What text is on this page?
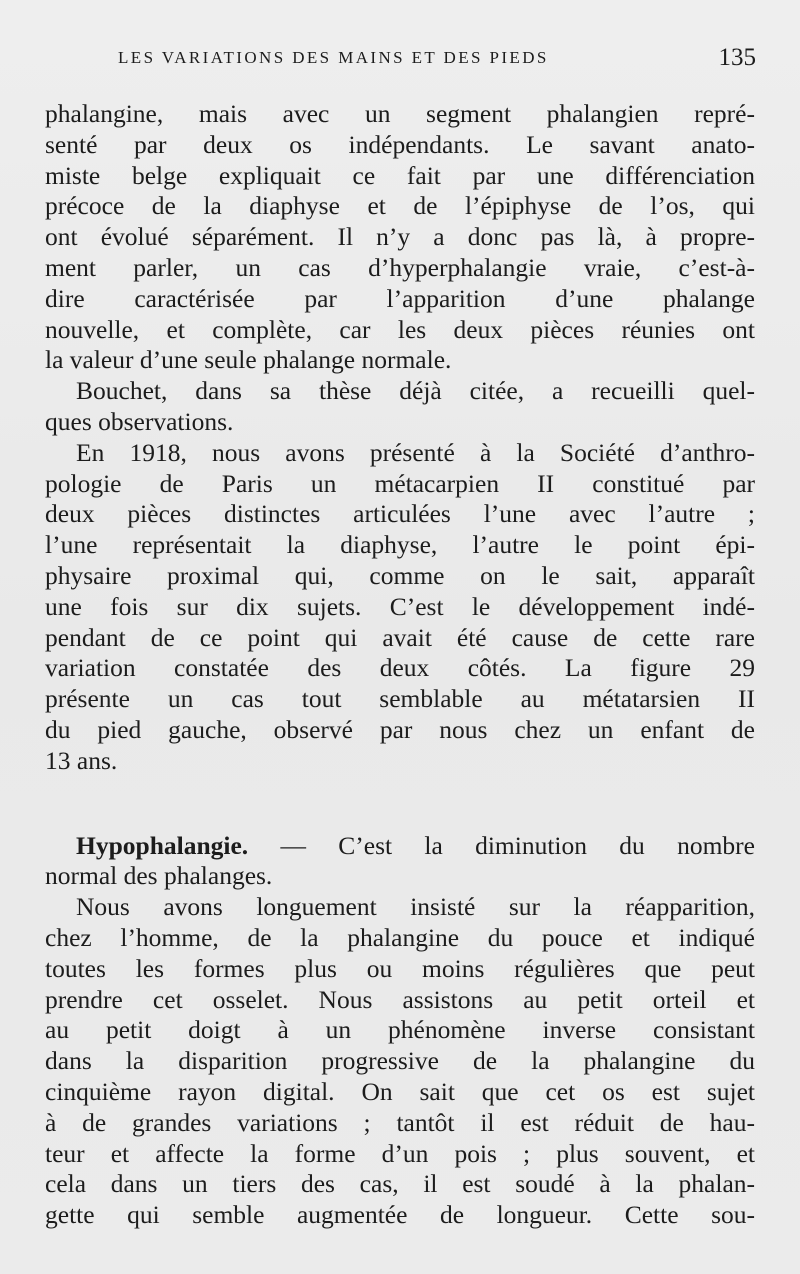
LES VARIATIONS DES MAINS ET DES PIEDS	135
phalangine, mais avec un segment phalangien repré-
senté par deux os indépendants. Le savant anato-
miste belge expliquait ce fait par une différenciation
précoce de la diaphyse et de l’épiphyse de l’os, qui
ont évolué séparément. Il n’y a donc pas là, à propre-
ment parler, un cas d’hyperphalangie vraie, c’est-à-
dire caractérisée par l’apparition d’une phalange
nouvelle, et complète, car les deux pièces réunies ont
la valeur d’une seule phalange normale.
Bouchet, dans sa thèse déjà citée, a recueilli quel-
ques observations.
En 1918, nous avons présenté à la Société d’anthro-
pologie de Paris un métacarpien II constitué par
deux pièces distinctes articulées l’une avec l’autre ;
l’une représentait la diaphyse, l’autre le point épi-
physaire proximal qui, comme on le sait, apparaît
une fois sur dix sujets. C’est le développement indé-
pendant de ce point qui avait été cause de cette rare
variation constatée des deux côtés. La figure 29
présente un cas tout semblable au métatarsien II
du pied gauche, observé par nous chez un enfant de
13 ans.
Hypophalangie. — C’est la diminution du nombre
normal des phalanges.
Nous avons longuement insisté sur la réapparition,
chez l’homme, de la phalangine du pouce et indiqué
toutes les formes plus ou moins régulières que peut
prendre cet osselet. Nous assistons au petit orteil et
au petit doigt à un phénomène inverse consistant
dans la disparition progressive de la phalangine du
cinquième rayon digital. On sait que cet os est sujet
à de grandes variations ; tantôt il est réduit de hau-
teur et affecte la forme d’un pois ; plus souvent, et
cela dans un tiers des cas, il est soudé à la phalan-
gette qui semble augmentée de longueur. Cette sou-
